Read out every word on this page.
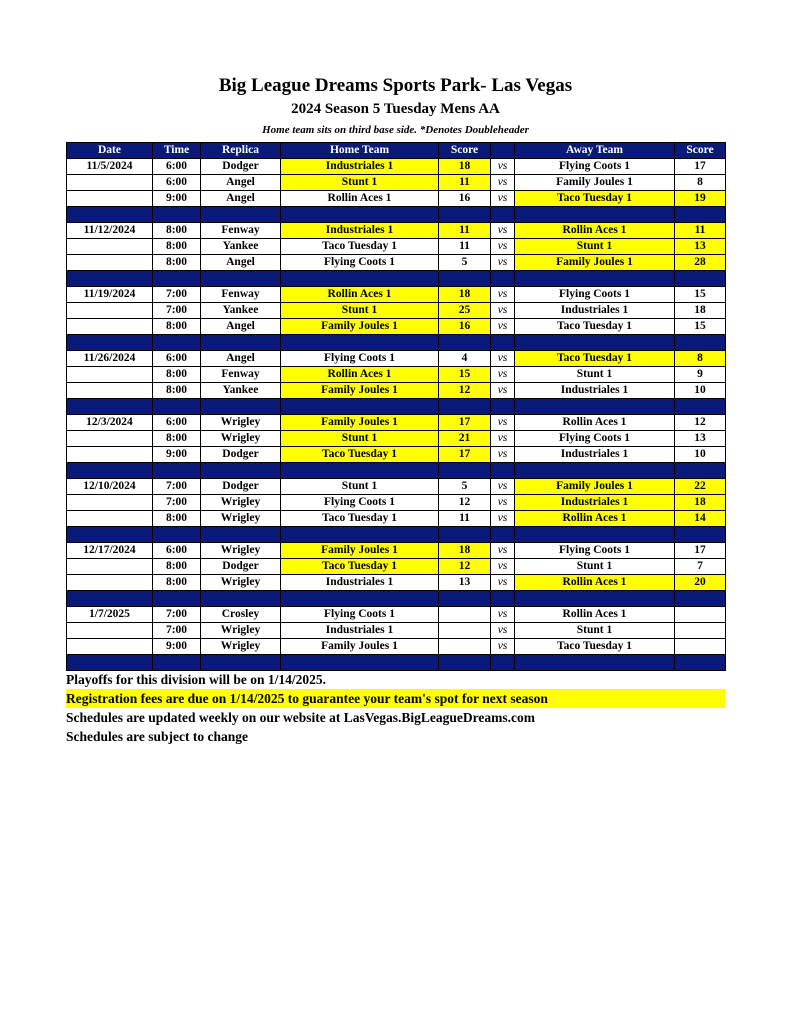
Big League Dreams Sports Park- Las Vegas
2024 Season 5 Tuesday Mens AA
Home team sits on third base side. *Denotes Doubleheader
Date	Time	Replica	Home Team	Score		Away Team	Score
11/5/2024	6:00	Dodger	Industriales 1	18	vs	Flying Coots 1	17
	6:00	Angel	Stunt 1	11	vs	Family Joules 1	8
	9:00	Angel	Rollin Aces 1	16	vs	Taco Tuesday 1	19

11/12/2024	8:00	Fenway	Industriales 1	11	vs	Rollin Aces 1	11
	8:00	Yankee	Taco Tuesday 1	11	vs	Stunt 1	13
	8:00	Angel	Flying Coots 1	5	vs	Family Joules 1	28

11/19/2024	7:00	Fenway	Rollin Aces 1	18	vs	Flying Coots 1	15
	7:00	Yankee	Stunt 1	25	vs	Industriales 1	18
	8:00	Angel	Family Joules 1	16	vs	Taco Tuesday 1	15

11/26/2024	6:00	Angel	Flying Coots 1	4	vs	Taco Tuesday 1	8
	8:00	Fenway	Rollin Aces 1	15	vs	Stunt 1	9
	8:00	Yankee	Family Joules 1	12	vs	Industriales 1	10

12/3/2024	6:00	Wrigley	Family Joules 1	17	vs	Rollin Aces 1	12
	8:00	Wrigley	Stunt 1	21	vs	Flying Coots 1	13
	9:00	Dodger	Taco Tuesday 1	17	vs	Industriales 1	10

12/10/2024	7:00	Dodger	Stunt 1	5	vs	Family Joules 1	22
	7:00	Wrigley	Flying Coots 1	12	vs	Industriales 1	18
	8:00	Wrigley	Taco Tuesday 1	11	vs	Rollin Aces 1	14

12/17/2024	6:00	Wrigley	Family Joules 1	18	vs	Flying Coots 1	17
	8:00	Dodger	Taco Tuesday 1	12	vs	Stunt 1	7
	8:00	Wrigley	Industriales 1	13	vs	Rollin Aces 1	20

1/7/2025	7:00	Crosley	Flying Coots 1		vs	Rollin Aces 1	
	7:00	Wrigley	Industriales 1		vs	Stunt 1	
	9:00	Wrigley	Family Joules 1		vs	Taco Tuesday 1	

Playoffs for this division will be on 1/14/2025.
Registration fees are due on 1/14/2025 to guarantee your team's spot for next season
Schedules are updated weekly on our website at LasVegas.BigLeagueDreams.com
Schedules are subject to change
